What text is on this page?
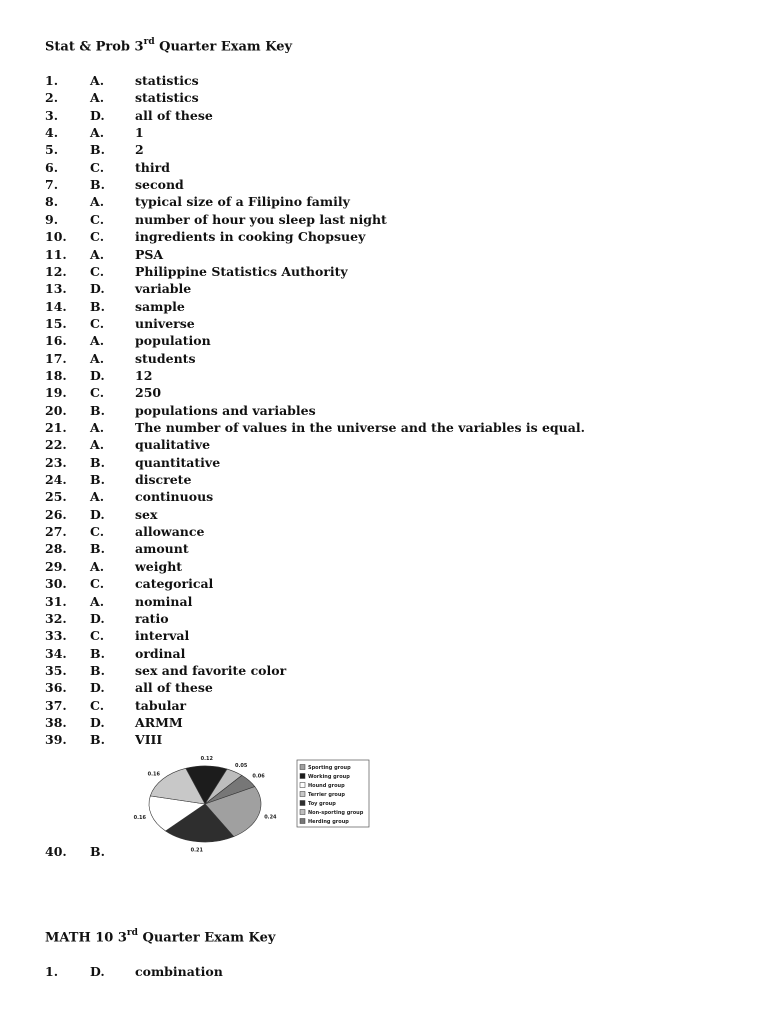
Stat & Prob 3rd Quarter Exam Key
1.	A. statistics
2.	A. statistics
3.	D. all of these
4.	A. 1
5.	B. 2
6.	C. third
7.	B. second
8.	A. typical size of a Filipino family
9.	C. number of hour you sleep last night
10. C. ingredients in cooking Chopsuey
11. A. PSA
12. C. Philippine Statistics Authority
13. D. variable
14. B. sample
15. C. universe
16. A. population
17. A. students
18. D. 12
19. C. 250
20. B. populations and variables
21. A. The number of values in the universe and the variables is equal.
22. A. qualitative
23. B. quantitative
24. B. discrete
25. A. continuous
26. D. sex
27. C. allowance
28. B. amount
29. A. weight
30. C. categorical
31. A. nominal
32. D. ratio
33. C. interval
34. B. ordinal
35. B. sex and favorite color
36. D. all of these
37. C. tabular
38. D. ARMM
39. B. VIII
40. B.
0.12
0.05
0.06
0.24
0.21
0.16
0.16
Sporting group
Working group
Hound group
Terrier group
Toy group
Non-sporting group
Herding group
MATH 10 3rd Quarter Exam Key
1.	D. combination
